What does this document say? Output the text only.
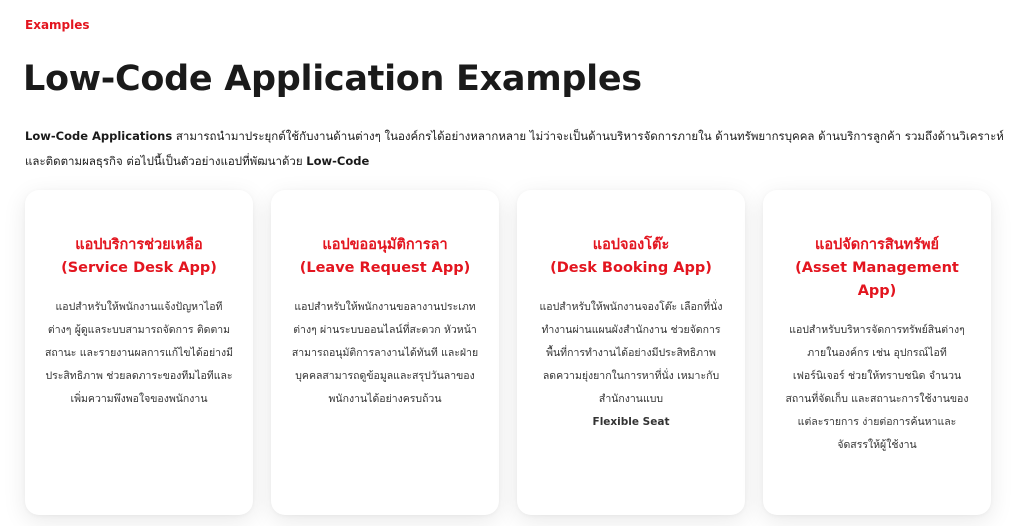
Examples
Low-Code Application Examples

Low-Code Applications สามารถนำมาประยุกต์ใช้กับงานด้านต่างๆ ในองค์กรได้อย่างหลากหลาย ไม่ว่าจะเป็นด้านบริหารจัดการภายใน ด้านทรัพยากรบุคคล ด้านบริการลูกค้า รวมถึงด้านวิเคราะห์

และติดตามผลธุรกิจ ต่อไปนี้เป็นตัวอย่างแอปที่พัฒนาด้วย Low-Code

แอปบริการช่วยเหลือ
(Service Desk App)
แอปสำหรับให้พนักงานแจ้งปัญหาไอที
ต่างๆ ผู้ดูแลระบบสามารถจัดการ ติดตาม
สถานะ และรายงานผลการแก้ไขได้อย่างมี
ประสิทธิภาพ ช่วยลดภาระของทีมไอทีและ
เพิ่มความพึงพอใจของพนักงาน
แอปขออนุมัติการลา
(Leave Request App)
แอปสำหรับให้พนักงานขอลางานประเภท
ต่างๆ ผ่านระบบออนไลน์ที่สะดวก หัวหน้า
สามารถอนุมัติการลางานได้ทันที และฝ่าย
บุคคลสามารถดูข้อมูลและสรุปวันลาของ
พนักงานได้อย่างครบถ้วน
แอปจองโต๊ะ
(Desk Booking App)
แอปสำหรับให้พนักงานจองโต๊ะ เลือกที่นั่ง
ทำงานผ่านแผนผังสำนักงาน ช่วยจัดการ
พื้นที่การทำงานได้อย่างมีประสิทธิภาพ
ลดความยุ่งยากในการหาที่นั่ง เหมาะกับ
สำนักงานแบบ
Flexible Seat
แอปจัดการสินทรัพย์
(Asset Management
App)
แอปสำหรับบริหารจัดการทรัพย์สินต่างๆ
ภายในองค์กร เช่น อุปกรณ์ไอที
เฟอร์นิเจอร์ ช่วยให้ทราบชนิด จำนวน
สถานที่จัดเก็บ และสถานะการใช้งานของ
แต่ละรายการ ง่ายต่อการค้นหาและ
จัดสรรให้ผู้ใช้งาน
